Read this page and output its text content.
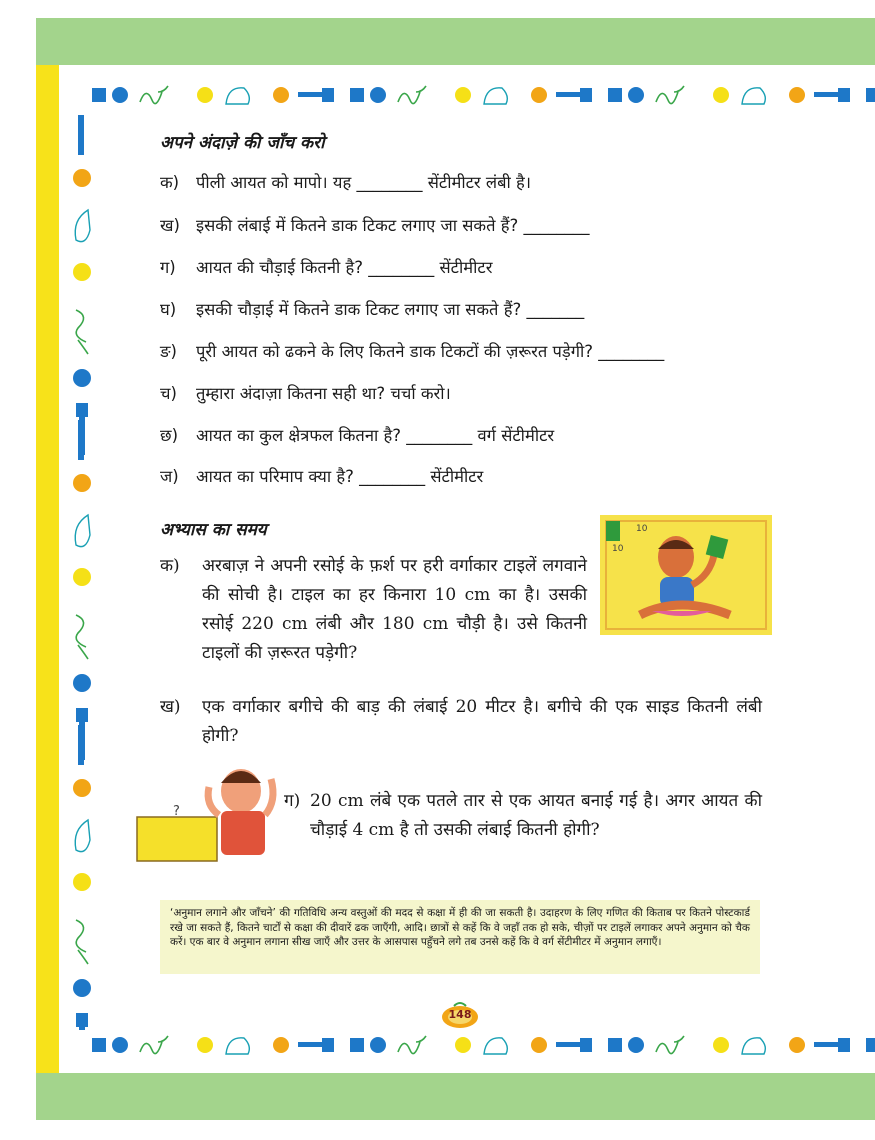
अपने अंदाज़े की जाँच करो
क) पीली आयत को मापो। यह ________ सेंटीमीटर लंबी है।
ख) इसकी लंबाई में कितने डाक टिकट लगाए जा सकते हैं? ________
ग) आयत की चौड़ाई कितनी है? ________ सेंटीमीटर
घ) इसकी चौड़ाई में कितने डाक टिकट लगाए जा सकते हैं? _______
ङ) पूरी आयत को ढकने के लिए कितने डाक टिकटों की ज़रूरत पड़ेगी? ________
च) तुम्हारा अंदाज़ा कितना सही था? चर्चा करो।
छ) आयत का कुल क्षेत्रफल कितना है? ________ वर्ग सेंटीमीटर
ज) आयत का परिमाप क्या है? ________ सेंटीमीटर
अभ्यास का समय
क) अरबाज़ ने अपनी रसोई के फ़र्श पर हरी वर्गाकार टाइलें लगवाने की सोची है। टाइल का हर किनारा 10 cm का है। उसकी रसोई 220 cm लंबी और 180 cm चौड़ी है। उसे कितनी टाइलों की ज़रूरत पड़ेगी?
10
10
ख) एक वर्गाकार बगीचे की बाड़ की लंबाई 20 मीटर है। बगीचे की एक साइड कितनी लंबी होगी?
?
ग) 20 cm लंबे एक पतले तार से एक आयत बनाई गई है। अगर आयत की चौड़ाई 4 cm है तो उसकी लंबाई कितनी होगी?
‘अनुमान लगाने और जाँचने’ की गतिविधि अन्य वस्तुओं की मदद से कक्षा में ही की जा सकती है। उदाहरण के लिए गणित की किताब पर कितने पोस्टकार्ड रखे जा सकते हैं, कितने चार्टों से कक्षा की दीवारें ढक जाएँगी, आदि। छात्रों से कहें कि वे जहाँ तक हो सके, चीज़ों पर टाइलें लगाकर अपने अनुमान को चैक करें। एक बार वे अनुमान लगाना सीख जाएँ और उत्तर के आसपास पहुँचने लगे तब उनसे कहें कि वे वर्ग सेंटीमीटर में अनुमान लगाएँ।
148
